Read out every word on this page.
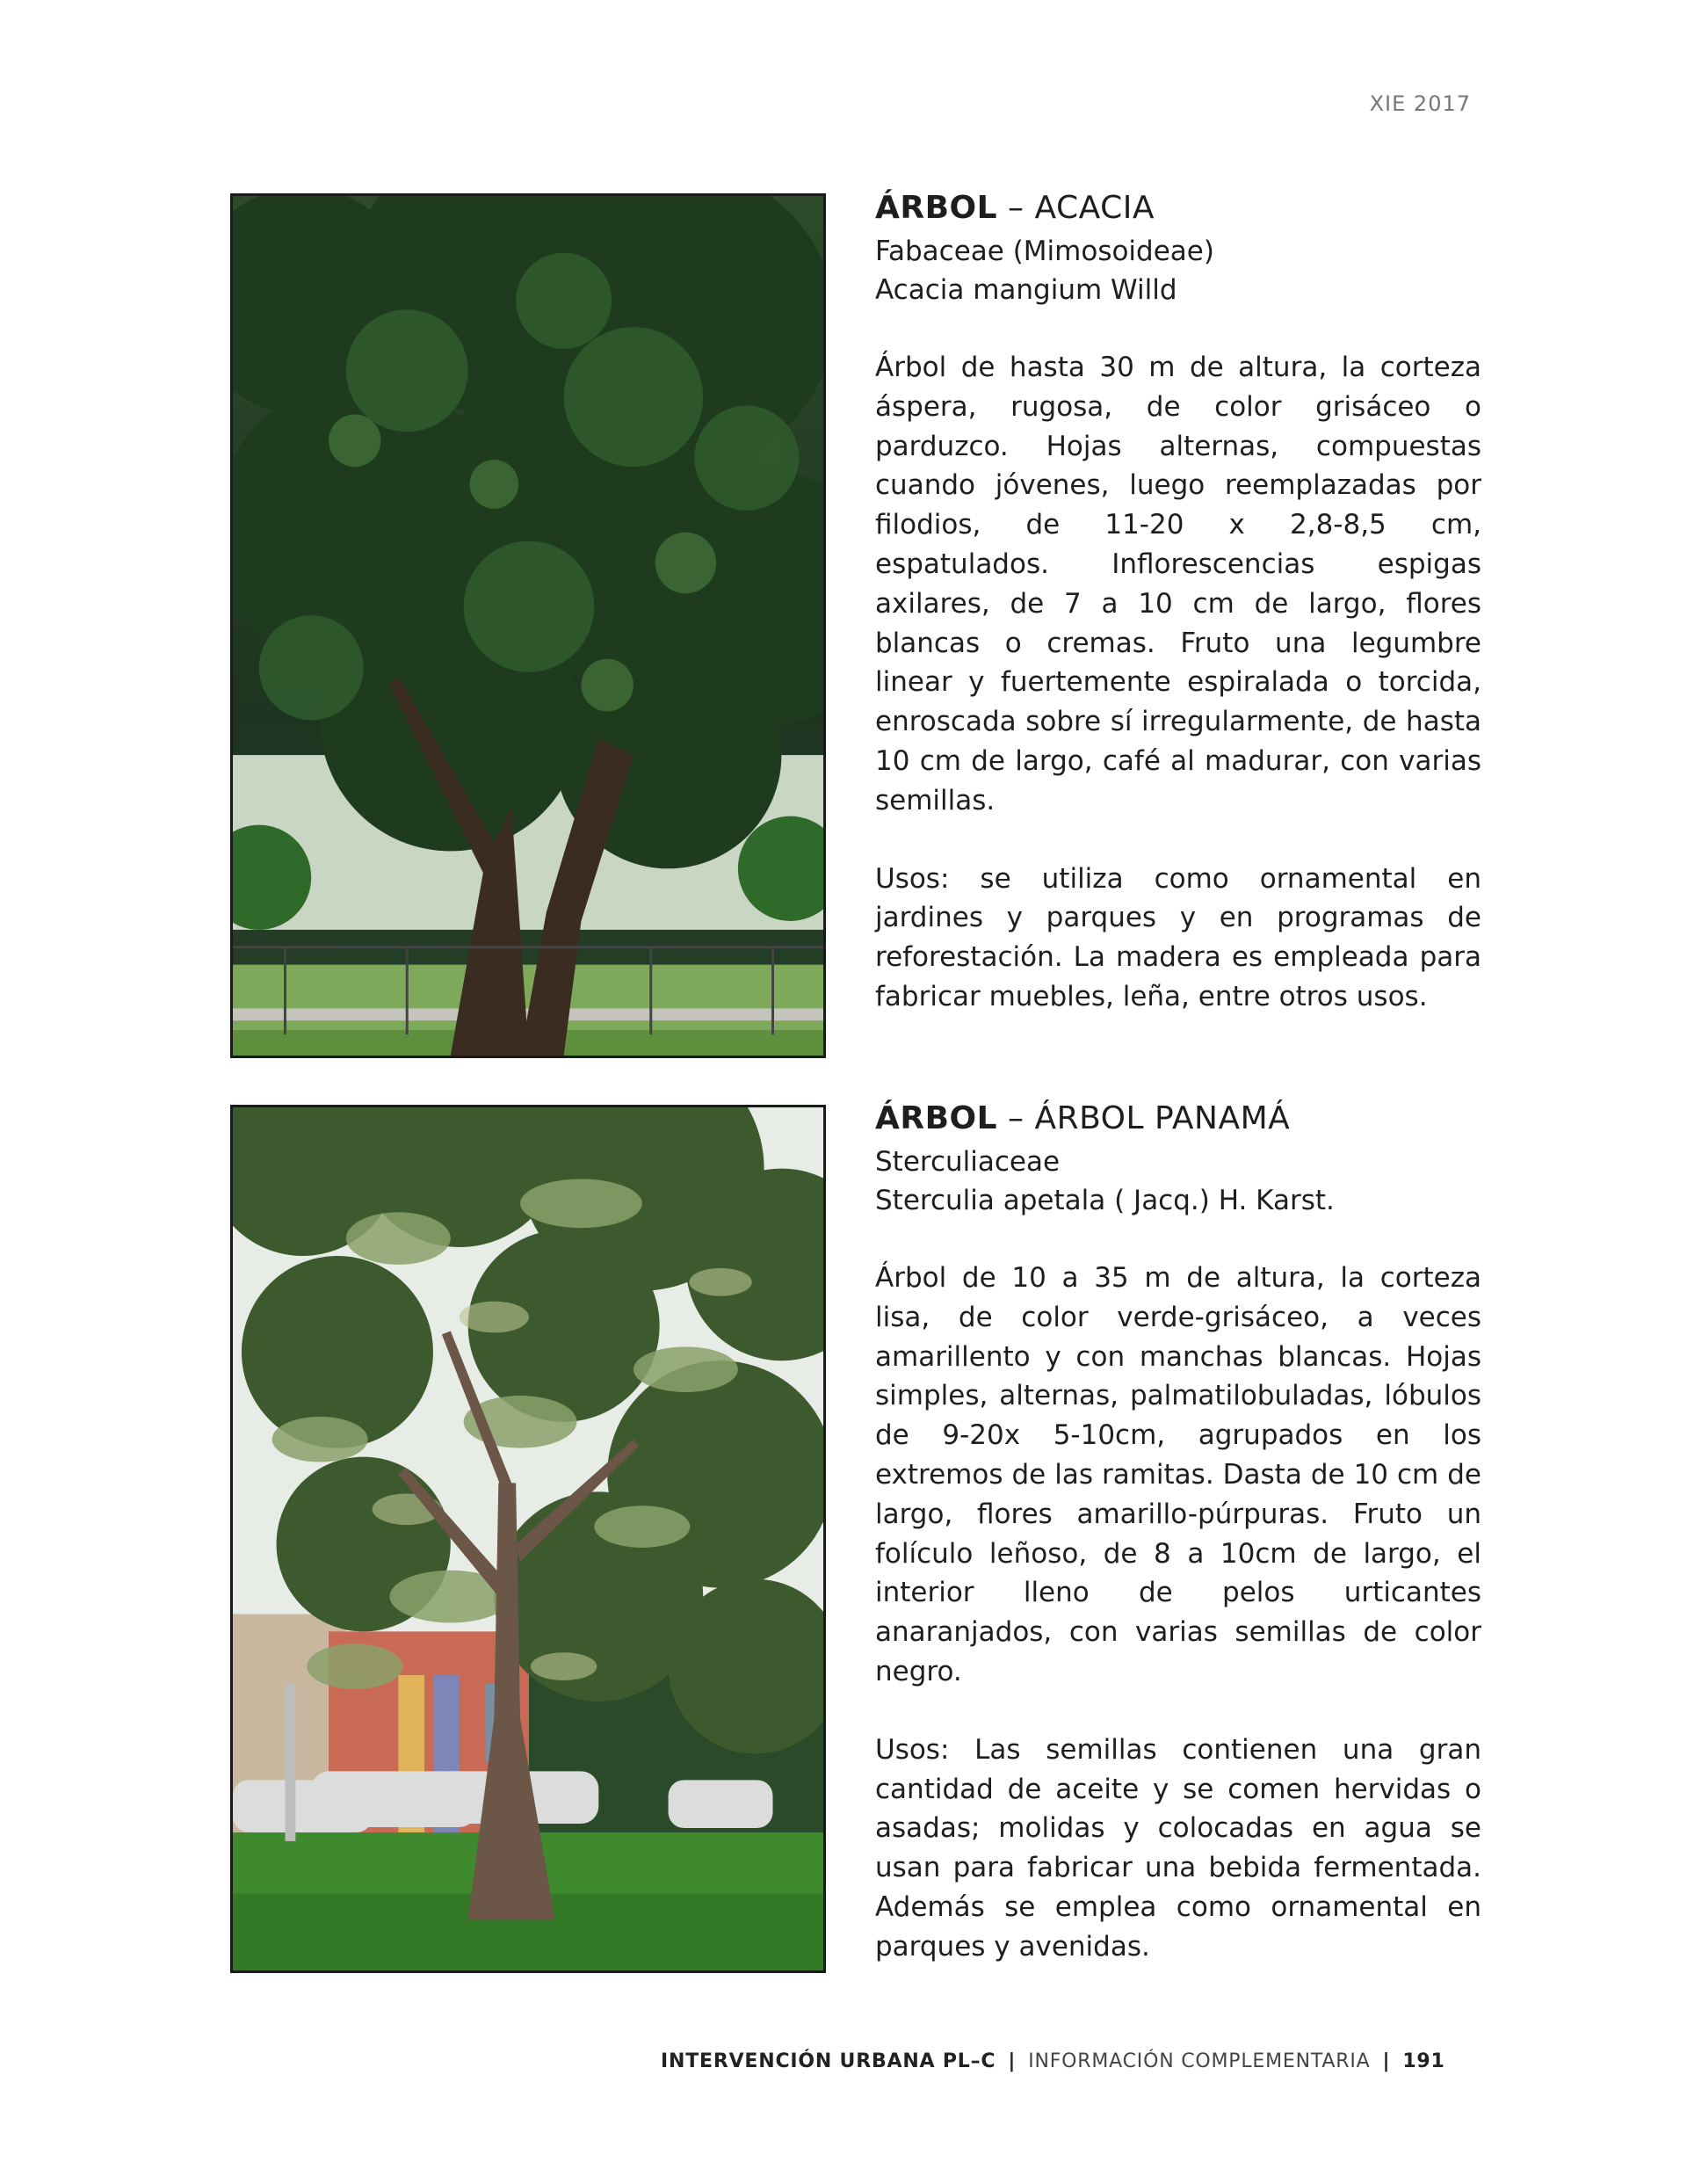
XIE 2017
ÁRBOL – ACACIA

Fabaceae (Mimosoideae)

Acacia mangium Willd

Árbol de hasta 30 m de altura, la corteza áspera, rugosa, de color grisáceo o parduzco. Hojas alternas, compuestas cuando jóvenes, luego reemplazadas por filodios, de 11-20 x 2,8-8,5 cm, espatulados. Inflorescencias espigas axilares, de 7 a 10 cm de largo, flores blancas o cremas. Fruto una legumbre linear y fuertemente espiralada o torcida, enroscada sobre sí irregularmente, de hasta 10 cm de largo, café al madurar, con varias semillas.

Usos: se utiliza como ornamental en jardines y parques y en programas de reforestación. La madera es empleada para fabricar muebles, leña, entre otros usos.

ÁRBOL – ÁRBOL PANAMÁ

Sterculiaceae

Sterculia apetala ( Jacq.) H. Karst.

Árbol de 10 a 35 m de altura, la corteza lisa, de color verde-grisáceo, a veces amarillento y con manchas blancas. Hojas simples, alternas, palmatilobuladas, lóbulos de 9-20x 5-10cm, agrupados en los extremos de las ramitas. Dasta de 10 cm de largo, flores amarillo-púrpuras. Fruto un folículo leñoso, de 8 a 10cm de largo, el interior lleno de pelos urticantes anaranjados, con varias semillas de color negro.

Usos: Las semillas contienen una gran cantidad de aceite y se comen hervidas o asadas; molidas y colocadas en agua se usan para fabricar una bebida fermentada. Además se emplea como ornamental en parques y avenidas.

INTERVENCIÓN URBANA PL–C | INFORMACIÓN COMPLEMENTARIA | 191
